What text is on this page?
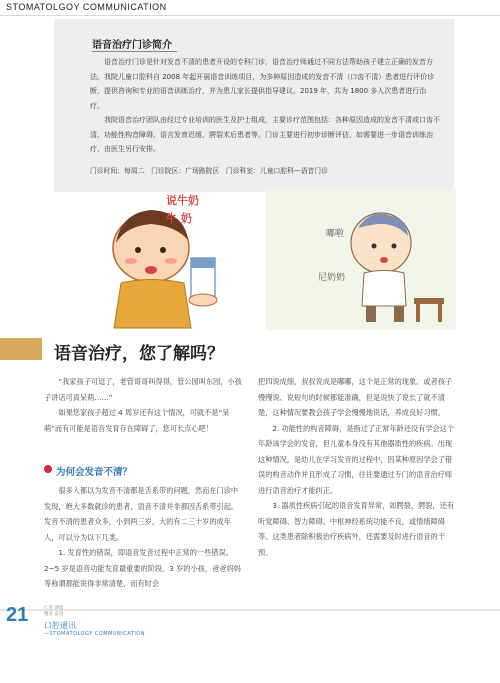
STOMATOLGOY COMMUNICATION
语音治疗门诊简介

语音治疗门诊是针对发音不清的患者开设的专科门诊，语音治疗师通过不同方法帮助孩子建立正确的发音方法。我院儿童口腔科自 2008 年起开展语音训练项目，为多种原因造成的发音不清（口齿不清）患者进行评价诊断，提供咨询和专业的语音训练治疗，并为患儿家长提供指导建议。2019 年，共为 1800 多人次患者进行治疗。

我院语音治疗团队由经过专业培训的医生及护士组成，主要诊疗范围包括：各种原因造成的发音不清或口齿不清、功能性构音障碍、语言发育迟缓、腭裂术后患者等。门诊主要进行初步诊断评估，如需要进一步语音训练治疗，由医生另行安排。

门诊时间：每周二　门诊院区：广场路院区　门诊科室：儿童口腔科—语音门诊
说牛奶
牛 奶
嘟啦
尼奶奶
语音治疗，您了解吗？

“我家孩子可逗了，老管哥哥叫得得，管公园叫东园，小孩子讲话可真呆萌……”

如果您家孩子超过 4 周岁还有这个情况，可就不是“呆萌”而有可能是语音发育存在障碍了，您可长点心吧！

为何会发音不清？

很多人都以为发音不清都是舌系带的问题，然而在门诊中发现，绝大多数就诊的患者，语音不清并非都因舌系带引起。发音不清的患者众多，小到两三岁，大的有二三十岁的成年人，可以分为以下几类。

1. 发育性的错误，即语音发音过程中正常的一些错误。2~5 岁是语音功能发育最重要的阶段。3 岁的小孩，爸爸妈妈等称谓都能说得非常清楚，而有时会

把四说成细，叔叔说成是嘟嘟，这个是正常的现象。或者孩子慢慢说、说短句的时候都能准确，但是说快了说长了就不清楚，这种情况要教会孩子学会慢慢地说话，养成良好习惯。

2. 功能性的构音障碍，是指过了正常年龄还没有学会这个年龄该学会的发音，但儿童本身没有其他器质性的疾病。出现这种情况，是幼儿在学习发音的过程中，因某种原因学会了错误的构音动作并且形成了习惯，往往要通过专门的语音治疗师进行语音治疗才能纠正。

3. 器质性疾病引起的语音发育异常，如腭裂、腭裂，还有听觉障碍、智力障碍、中枢神经系统功能不良，或情绪障碍等。这类患者除积极治疗疾病外，还需要及时进行语音的干预。

21	仁慈 博爱
精业 奋进
口腔通讯
—STOMATOLOGY COMMUNICATION
